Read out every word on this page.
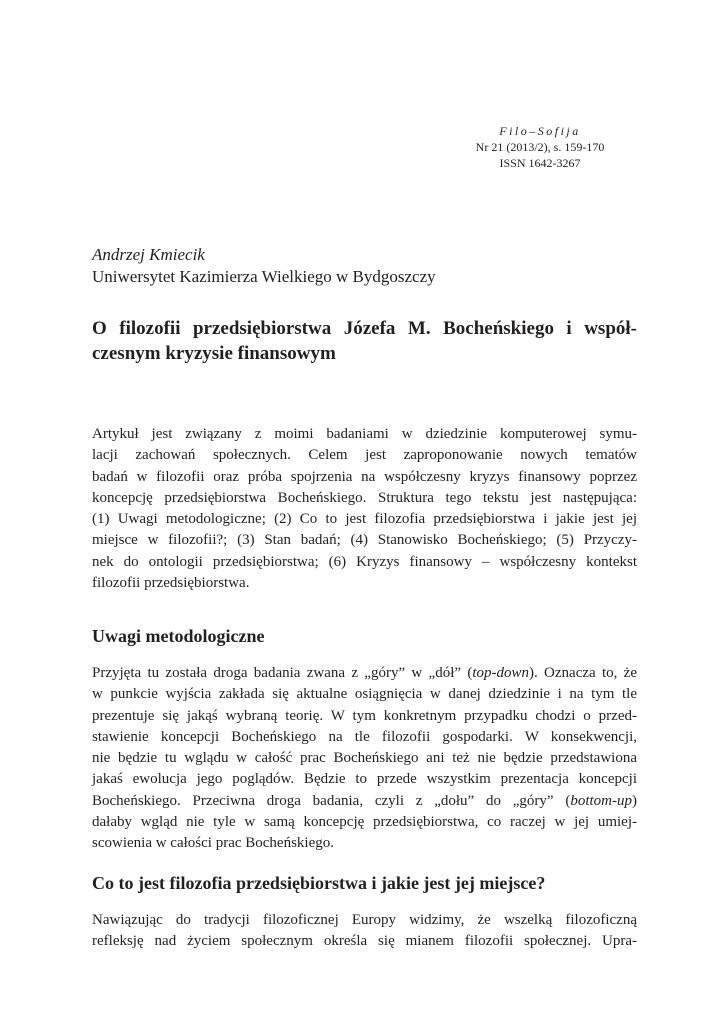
Filo–Sofija
Nr 21 (2013/2), s. 159-170
ISSN 1642-3267
Andrzej Kmiecik
Uniwersytet Kazimierza Wielkiego w Bydgoszczy
O filozofii przedsiębiorstwa Józefa M. Bocheńskiego i współ-
czesnym kryzysie finansowym
Artykuł jest związany z moimi badaniami w dziedzinie komputerowej symu-
lacji zachowań społecznych. Celem jest zaproponowanie nowych tematów
badań w filozofii oraz próba spojrzenia na współczesny kryzys finansowy poprzez
koncepcję przedsiębiorstwa Bocheńskiego. Struktura tego tekstu jest następująca:
(1) Uwagi metodologiczne; (2) Co to jest filozofia przedsiębiorstwa i jakie jest jej
miejsce w filozofii?; (3) Stan badań; (4) Stanowisko Bocheńskiego; (5) Przyczy-
nek do ontologii przedsiębiorstwa; (6) Kryzys finansowy – współczesny kontekst
filozofii przedsiębiorstwa.
Uwagi metodologiczne
Przyjęta tu została droga badania zwana z „góry” w „dół” (top-down). Oznacza to, że
w punkcie wyjścia zakłada się aktualne osiągnięcia w danej dziedzinie i na tym tle
prezentuje się jakąś wybraną teorię. W tym konkretnym przypadku chodzi o przed-
stawienie koncepcji Bocheńskiego na tle filozofii gospodarki. W konsekwencji,
nie będzie tu wglądu w całość prac Bocheńskiego ani też nie będzie przedstawiona
jakaś ewolucja jego poglądów. Będzie to przede wszystkim prezentacja koncepcji
Bocheńskiego. Przeciwna droga badania, czyli z „dołu” do „góry” (bottom-up)
dałaby wgląd nie tyle w samą koncepcję przedsiębiorstwa, co raczej w jej umiej-
scowienia w całości prac Bocheńskiego.
Co to jest filozofia przedsiębiorstwa i jakie jest jej miejsce?
Nawiązując do tradycji filozoficznej Europy widzimy, że wszelką filozoficzną
refleksję nad życiem społecznym określa się mianem filozofii społecznej. Upra-
